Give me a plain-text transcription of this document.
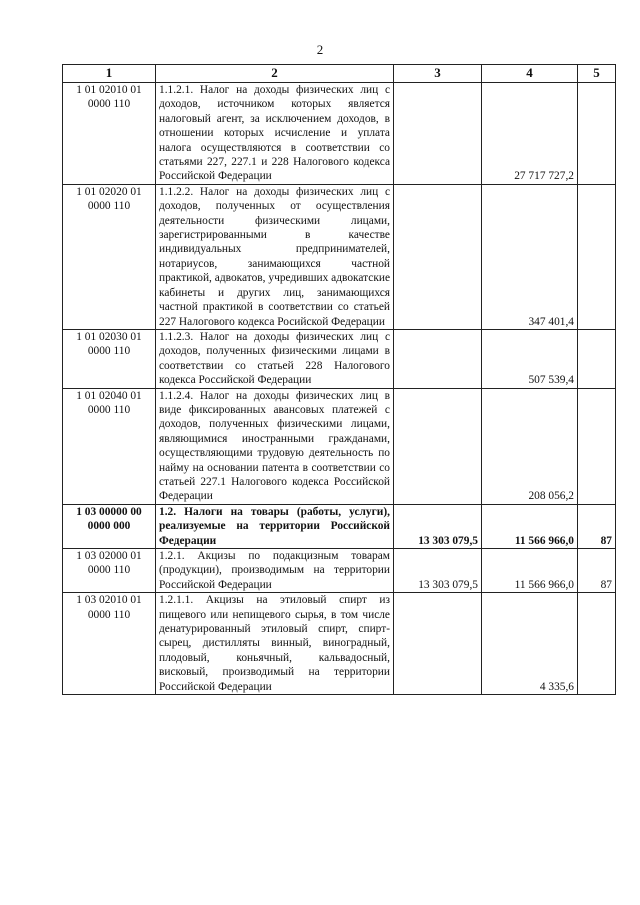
2
1	2	3	4	5
1 01 02010 01 0000 110	1.1.2.1. Налог на доходы физических лиц с доходов, источником которых является налоговый агент, за исключением доходов, в отношении которых исчисление и уплата налога осуществляются в соответствии со статьями 227, 227.1 и 228 Налогового кодекса Российской Федерации		27 717 727,2	
1 01 02020 01 0000 110	1.1.2.2. Налог на доходы физических лиц с доходов, полученных от осуществления деятельности физическими лицами, зарегистрированными в качестве индивидуальных предпринимателей, нотариусов, занимающихся частной практикой, адвокатов, учредивших адвокатские кабинеты и других лиц, занимающихся частной практикой в соответствии со статьей 227 Налогового кодекса Росийской Федерации		347 401,4	
1 01 02030 01 0000 110	1.1.2.3. Налог на доходы физических лиц с доходов, полученных физическими лицами в соответствии со статьей 228 Налогового кодекса Российской Федерации		507 539,4	
1 01 02040 01 0000 110	1.1.2.4. Налог на доходы физических лиц в виде фиксированных авансовых платежей с доходов, полученных физическими лицами, являющимися иностранными гражданами, осуществляющими трудовую деятельность по найму на основании патента в соответствии со статьей 227.1 Налогового кодекса Российской Федерации		208 056,2	
1 03 00000 00 0000 000	1.2. Налоги на товары (работы, услуги), реализуемые на территории Российской Федерации	13 303 079,5	11 566 966,0	87
1 03 02000 01 0000 110	1.2.1. Акцизы по подакцизным товарам (продукции), производимым на территории Российской Федерации	13 303 079,5	11 566 966,0	87
1 03 02010 01 0000 110	1.2.1.1. Акцизы на этиловый спирт из пищевого или непищевого сырья, в том числе денатурированный этиловый спирт, спирт-сырец, дистилляты винный, виноградный, плодовый, коньячный, кальвадосный, висковый, производимый на территории Российской Федерации		4 335,6	
